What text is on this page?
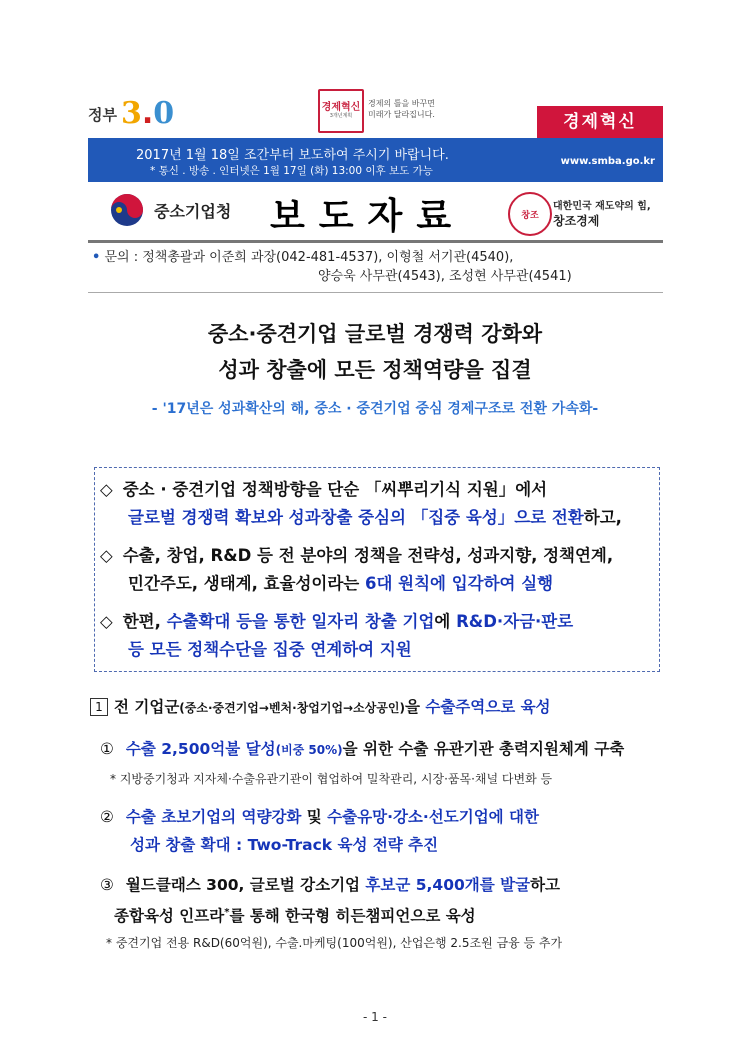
정부 3 . 0	경제혁신
3개년계획
경제의 틀을 바꾸면
미래가 달라집니다.	경제혁신
2017년 1월 18일 조간부터 보도하여 주시기 바랍니다.
* 통신 . 방송 . 인터넷은 1월 17일 (화) 13:00 이후 보도 가능
www.smba.go.kr
중소기업청 보도자료	창조
대한민국 재도약의 힘,
창조경제
• 문의 : 정책총괄과 이준희 과장(042-481-4537), 이형철 서기관(4540),
양승욱 사무관(4543), 조성현 사무관(4541)
중소·중견기업 글로벌 경쟁력 강화와
성과 창출에 모든 정책역량을 집결
- '17년은 성과확산의 해, 중소 · 중견기업 중심 경제구조로 전환 가속화-
◇ 중소 · 중견기업 정책방향을 단순 「씨뿌리기식 지원」에서
글로벌 경쟁력 확보와 성과창출 중심의 「집중 육성」으로 전환하고,
◇ 수출, 창업, R&D 등 전 분야의 정책을 전략성, 성과지향, 정책연계,
민간주도, 생태계, 효율성이라는 6대 원칙에 입각하여 실행
◇ 한편, 수출확대 등을 통한 일자리 창출 기업에 R&D·자금·판로
등 모든 정책수단을 집중 연계하여 지원
1 전 기업군(중소·중견기업→벤처·창업기업→소상공인)을 수출주역으로 육성
① 수출 2,500억불 달성(비중 50%)을 위한 수출 유관기관 총력지원체계 구축
* 지방중기청과 지자체·수출유관기관이 협업하여 밀착관리, 시장·품목·채널 다변화 등
② 수출 초보기업의 역량강화 및 수출유망·강소·선도기업에 대한
성과 창출 확대 : Two-Track 육성 전략 추진
③ 월드클래스 300, 글로벌 강소기업 후보군 5,400개를 발굴하고
종합육성 인프라*를 통해 한국형 히든챔피언으로 육성
* 중견기업 전용 R&D(60억원), 수출.마케팅(100억원), 산업은행 2.5조원 금융 등 추가
- 1 -
